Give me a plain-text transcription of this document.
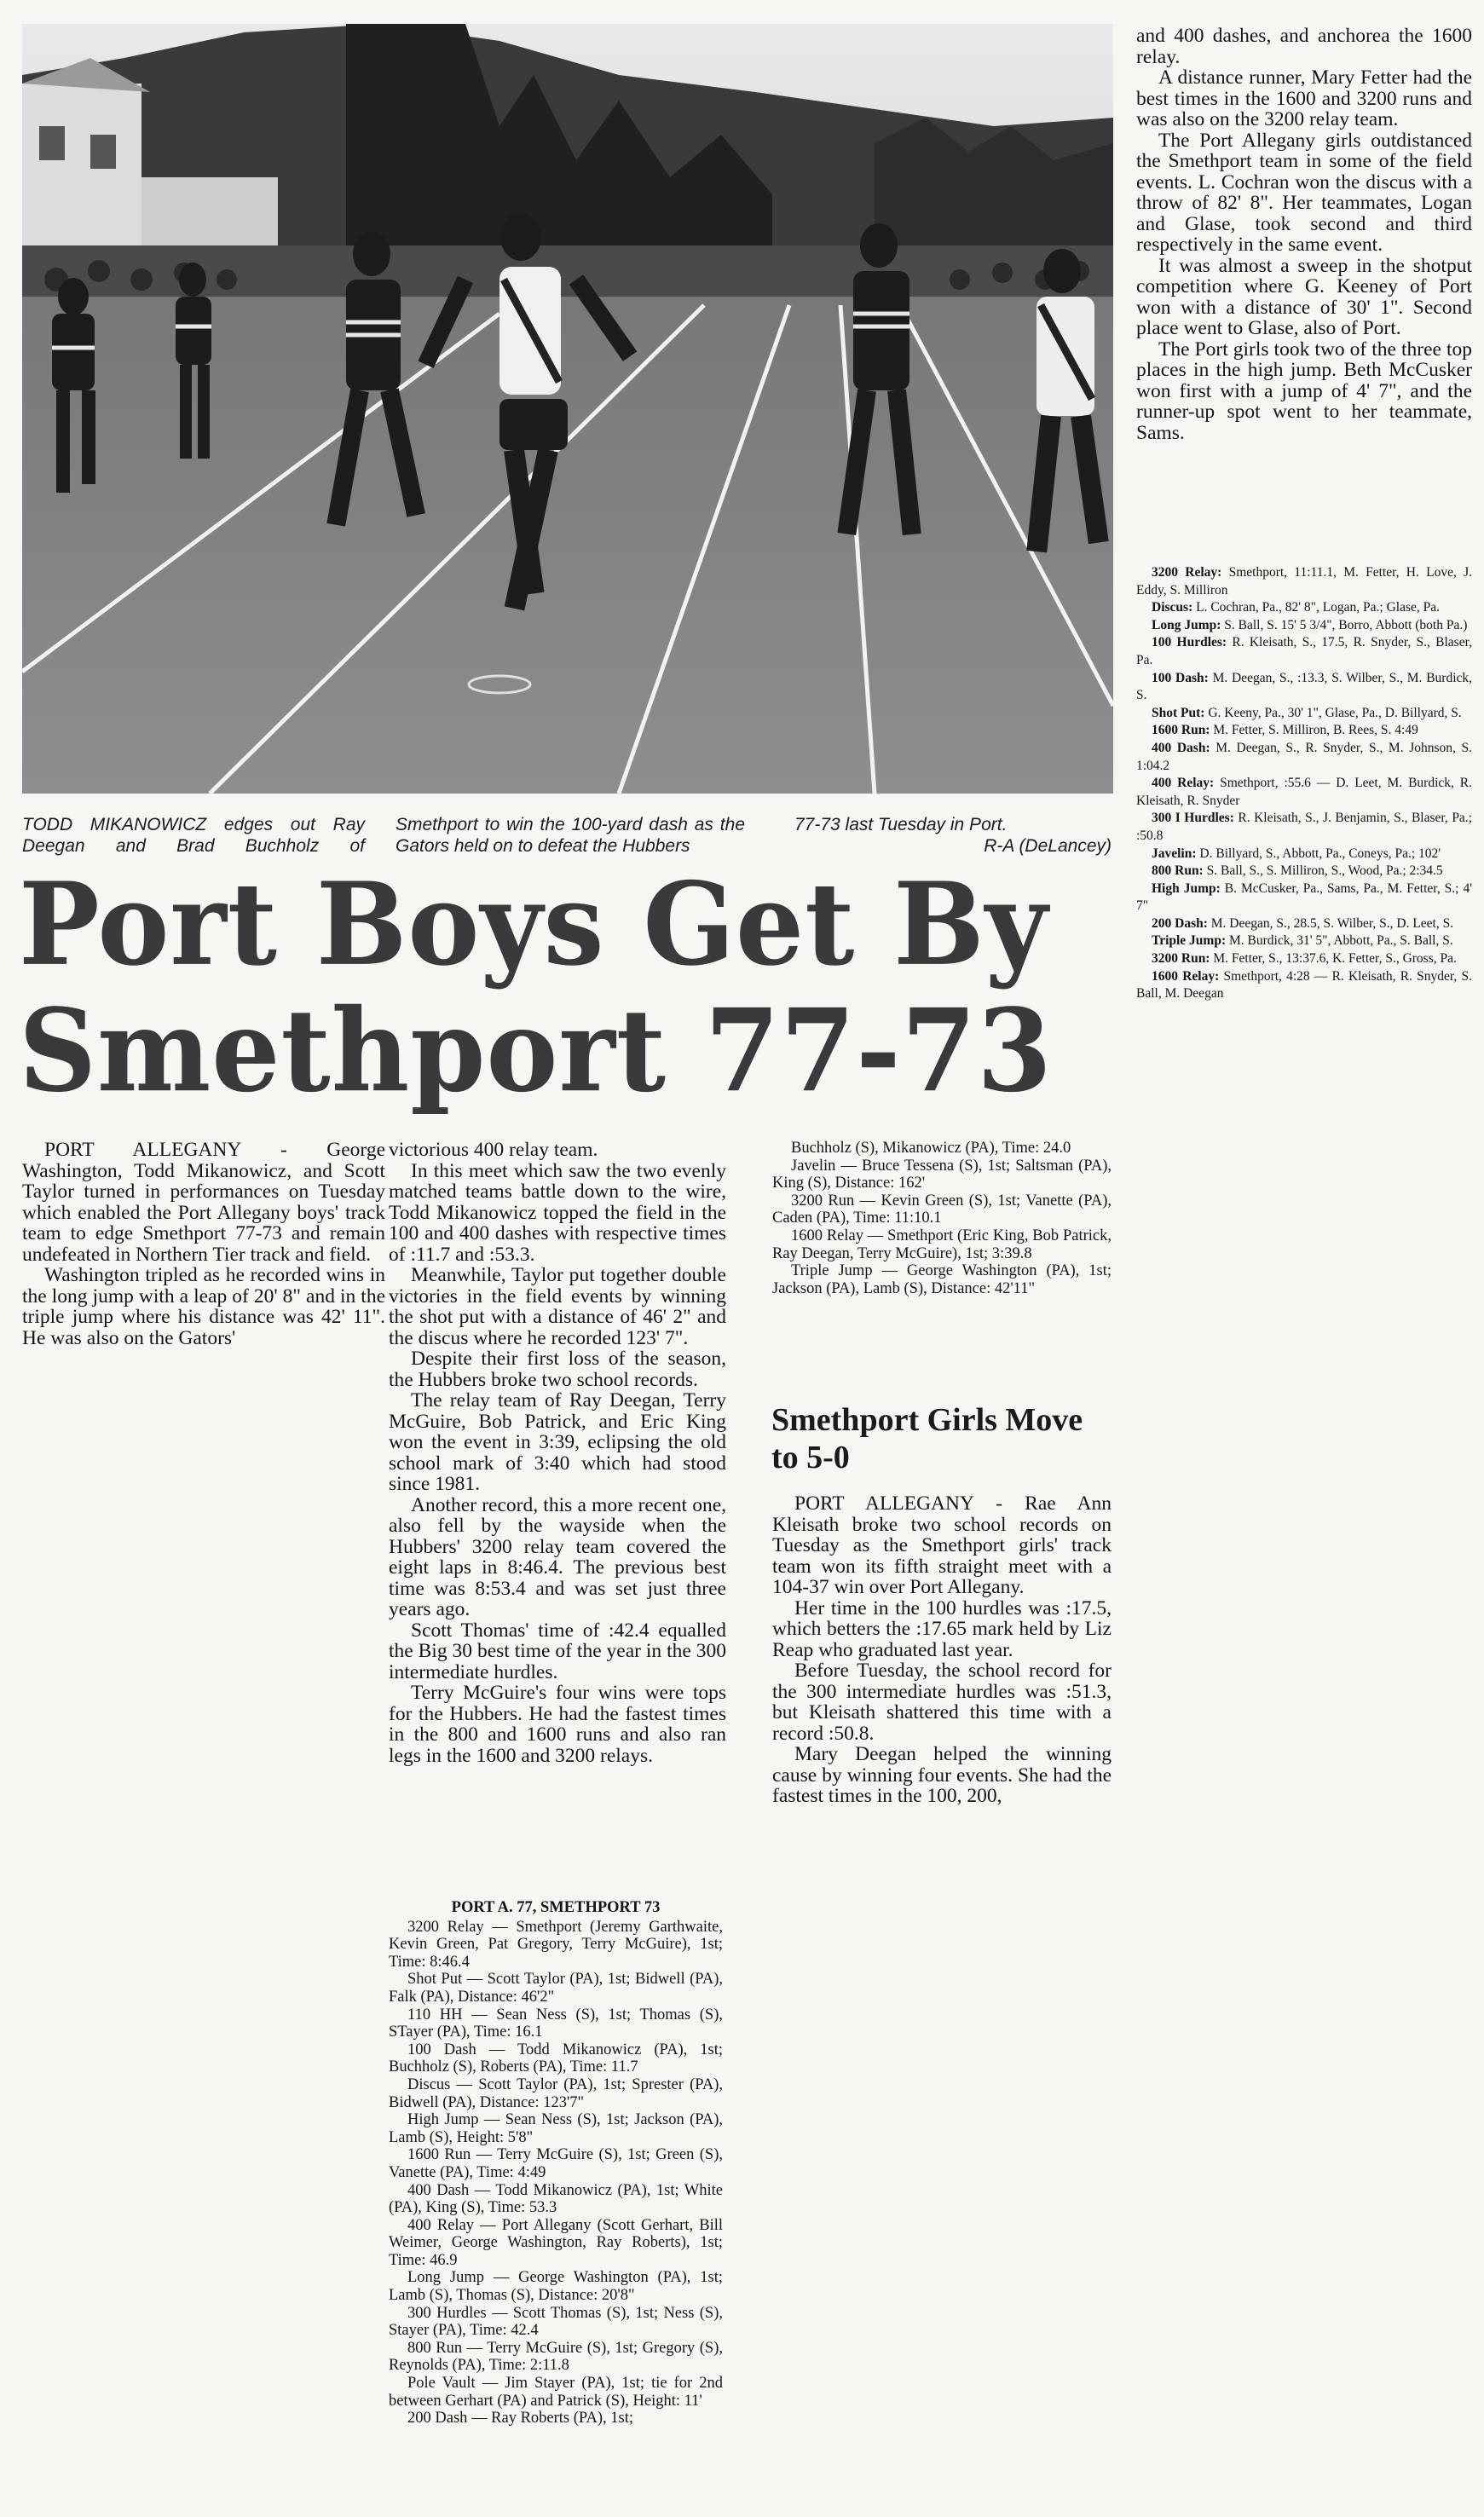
TODD MIKANOWICZ edges out Ray Deegan and Brad Buchholz of
Smethport to win the 100-yard dash as the Gators held on to defeat the Hubbers
77-73 last Tuesday in Port.
R-A (DeLancey)
Port Boys Get By Smethport 77-73

PORT ALLEGANY - George Washington, Todd Mikanowicz, and Scott Taylor turned in performances on Tuesday which enabled the Port Allegany boys' track team to edge Smethport 77-73 and remain undefeated in Northern Tier track and field.

Washington tripled as he recorded wins in the long jump with a leap of 20' 8" and in the triple jump where his distance was 42' 11". He was also on the Gators'

victorious 400 relay team.

In this meet which saw the two evenly matched teams battle down to the wire, Todd Mikanowicz topped the field in the 100 and 400 dashes with respective times of :11.7 and :53.3.

Meanwhile, Taylor put together double victories in the field events by winning the shot put with a distance of 46' 2" and the discus where he recorded 123' 7".

Despite their first loss of the season, the Hubbers broke two school records.

The relay team of Ray Deegan, Terry McGuire, Bob Patrick, and Eric King won the event in 3:39, eclipsing the old school mark of 3:40 which had stood since 1981.

Another record, this a more recent one, also fell by the wayside when the Hubbers' 3200 relay team covered the eight laps in 8:46.4. The previous best time was 8:53.4 and was set just three years ago.

Scott Thomas' time of :42.4 equalled the Big 30 best time of the year in the 300 intermediate hurdles.

Terry McGuire's four wins were tops for the Hubbers. He had the fastest times in the 800 and 1600 runs and also ran legs in the 1600 and 3200 relays.

PORT A. 77, SMETHPORT 73

3200 Relay — Smethport (Jeremy Garthwaite, Kevin Green, Pat Gregory, Terry McGuire), 1st; Time: 8:46.4

Shot Put — Scott Taylor (PA), 1st; Bidwell (PA), Falk (PA), Distance: 46'2"

110 HH — Sean Ness (S), 1st; Thomas (S), STayer (PA), Time: 16.1

100 Dash — Todd Mikanowicz (PA), 1st; Buchholz (S), Roberts (PA), Time: 11.7

Discus — Scott Taylor (PA), 1st; Sprester (PA), Bidwell (PA), Distance: 123'7"

High Jump — Sean Ness (S), 1st; Jackson (PA), Lamb (S), Height: 5'8"

1600 Run — Terry McGuire (S), 1st; Green (S), Vanette (PA), Time: 4:49

400 Dash — Todd Mikanowicz (PA), 1st; White (PA), King (S), Time: 53.3

400 Relay — Port Allegany (Scott Gerhart, Bill Weimer, George Washington, Ray Roberts), 1st; Time: 46.9

Long Jump — George Washington (PA), 1st; Lamb (S), Thomas (S), Distance: 20'8"

300 Hurdles — Scott Thomas (S), 1st; Ness (S), Stayer (PA), Time: 42.4

800 Run — Terry McGuire (S), 1st; Gregory (S), Reynolds (PA), Time: 2:11.8

Pole Vault — Jim Stayer (PA), 1st; tie for 2nd between Gerhart (PA) and Patrick (S), Height: 11'

200 Dash — Ray Roberts (PA), 1st;

Buchholz (S), Mikanowicz (PA), Time: 24.0

Javelin — Bruce Tessena (S), 1st; Saltsman (PA), King (S), Distance: 162'

3200 Run — Kevin Green (S), 1st; Vanette (PA), Caden (PA), Time: 11:10.1

1600 Relay — Smethport (Eric King, Bob Patrick, Ray Deegan, Terry McGuire), 1st; 3:39.8

Triple Jump — George Washington (PA), 1st; Jackson (PA), Lamb (S), Distance: 42'11"

Smethport Girls Move to 5-0

PORT ALLEGANY - Rae Ann Kleisath broke two school records on Tuesday as the Smethport girls' track team won its fifth straight meet with a 104-37 win over Port Allegany.

Her time in the 100 hurdles was :17.5, which betters the :17.65 mark held by Liz Reap who graduated last year.

Before Tuesday, the school record for the 300 intermediate hurdles was :51.3, but Kleisath shattered this time with a record :50.8.

Mary Deegan helped the winning cause by winning four events. She had the fastest times in the 100, 200,

and 400 dashes, and anchorea the 1600 relay.

A distance runner, Mary Fetter had the best times in the 1600 and 3200 runs and was also on the 3200 relay team.

The Port Allegany girls outdistanced the Smethport team in some of the field events. L. Cochran won the discus with a throw of 82' 8". Her teammates, Logan and Glase, took second and third respectively in the same event.

It was almost a sweep in the shotput competition where G. Keeney of Port won with a distance of 30' 1". Second place went to Glase, also of Port.

The Port girls took two of the three top places in the high jump. Beth McCusker won first with a jump of 4' 7", and the runner-up spot went to her teammate, Sams.

3200 Relay: Smethport, 11:11.1, M. Fetter, H. Love, J. Eddy, S. Milliron

Discus: L. Cochran, Pa., 82' 8", Logan, Pa.; Glase, Pa.

Long Jump: S. Ball, S. 15' 5 3/4", Borro, Abbott (both Pa.)

100 Hurdles: R. Kleisath, S., 17.5, R. Snyder, S., Blaser, Pa.

100 Dash: M. Deegan, S., :13.3, S. Wilber, S., M. Burdick, S.

Shot Put: G. Keeny, Pa., 30' 1", Glase, Pa., D. Billyard, S.

1600 Run: M. Fetter, S. Milliron, B. Rees, S. 4:49

400 Dash: M. Deegan, S., R. Snyder, S., M. Johnson, S. 1:04.2

400 Relay: Smethport, :55.6 — D. Leet, M. Burdick, R. Kleisath, R. Snyder

300 I Hurdles: R. Kleisath, S., J. Benjamin, S., Blaser, Pa.; :50.8

Javelin: D. Billyard, S., Abbott, Pa., Coneys, Pa.; 102'

800 Run: S. Ball, S., S. Milliron, S., Wood, Pa.; 2:34.5

High Jump: B. McCusker, Pa., Sams, Pa., M. Fetter, S.; 4' 7"

200 Dash: M. Deegan, S., 28.5, S. Wilber, S., D. Leet, S.

Triple Jump: M. Burdick, 31' 5", Abbott, Pa., S. Ball, S.

3200 Run: M. Fetter, S., 13:37.6, K. Fetter, S., Gross, Pa.

1600 Relay: Smethport, 4:28 — R. Kleisath, R. Snyder, S. Ball, M. Deegan
